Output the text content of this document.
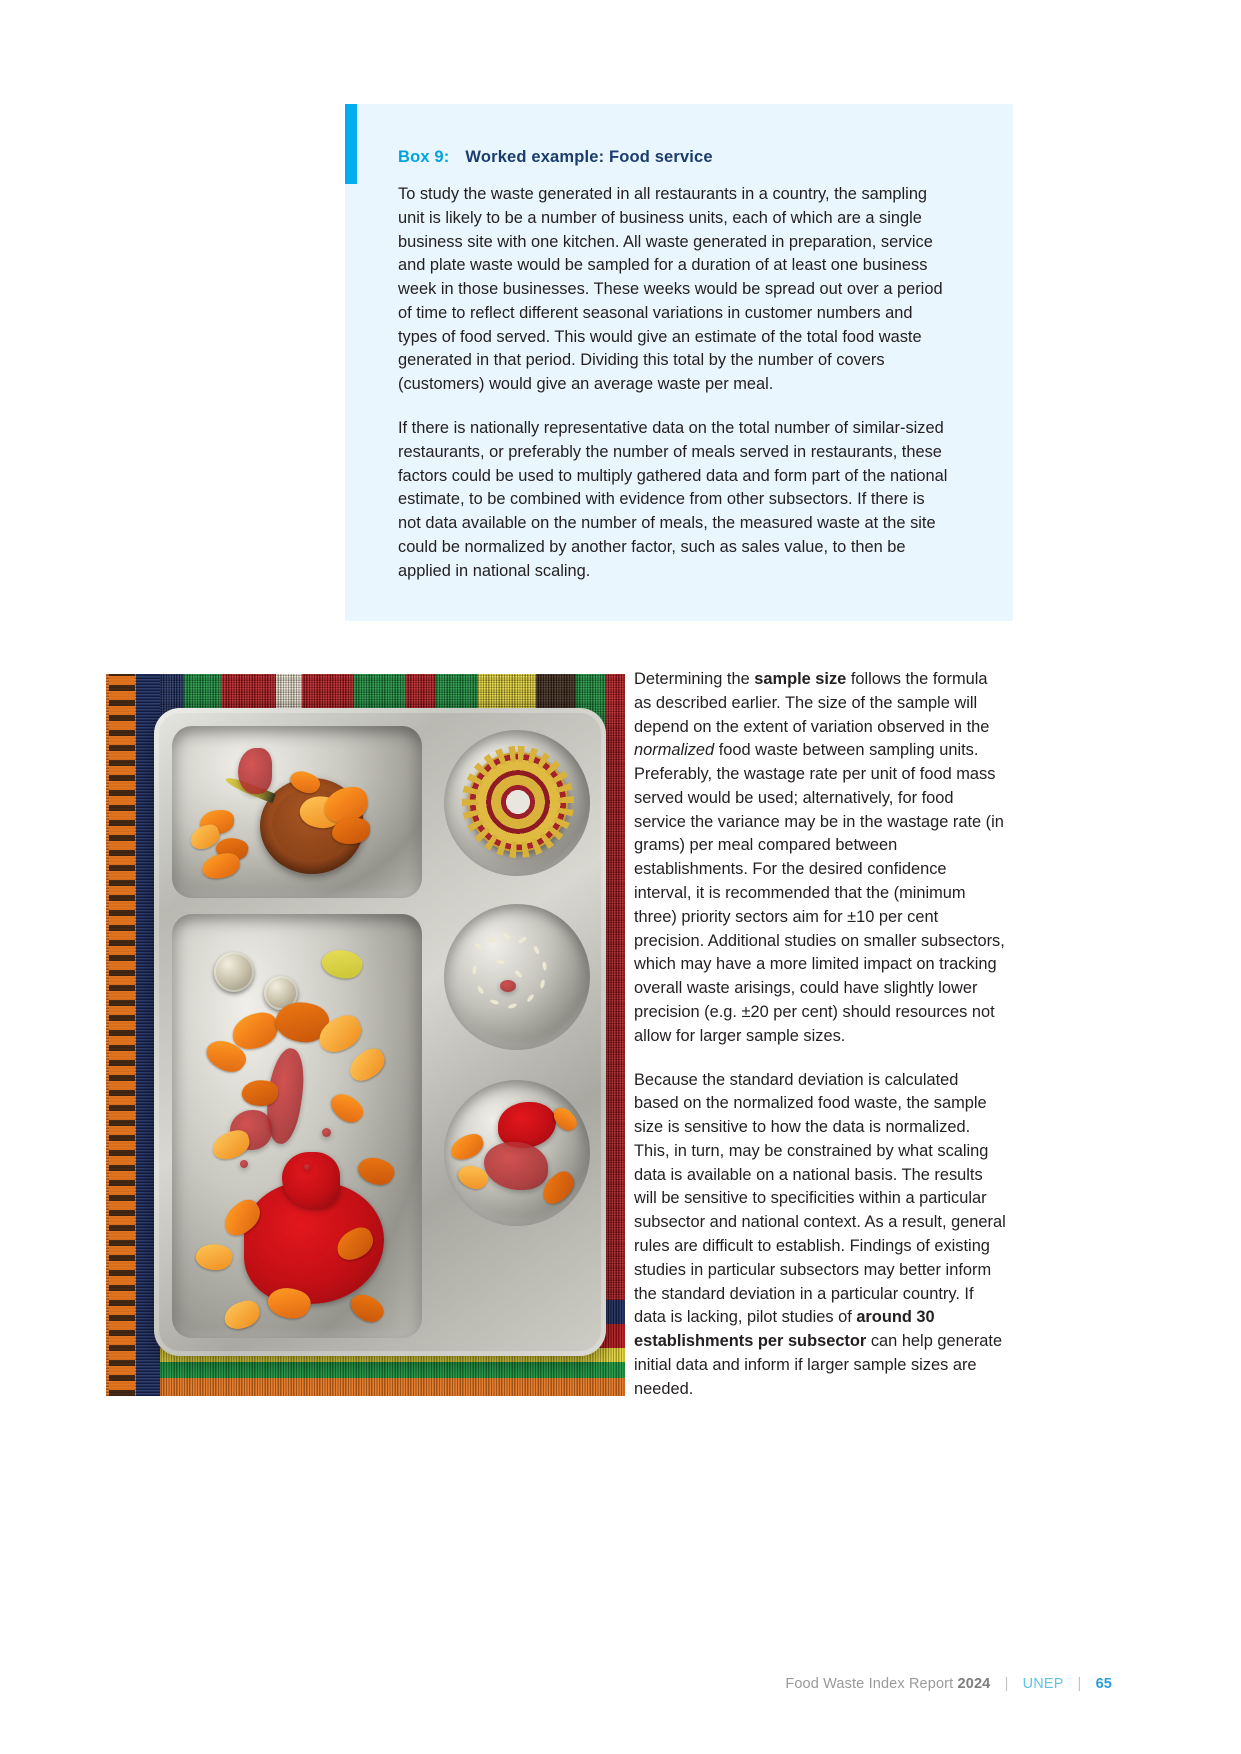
Box 9: Worked example: Food service

To study the waste generated in all restaurants in a country, the sampling unit is likely to be a number of business units, each of which are a single business site with one kitchen. All waste generated in preparation, service and plate waste would be sampled for a duration of at least one business week in those businesses. These weeks would be spread out over a period of time to reflect different seasonal variations in customer numbers and types of food served. This would give an estimate of the total food waste generated in that period. Dividing this total by the number of covers (customers) would give an average waste per meal.

If there is nationally representative data on the total number of similar-sized restaurants, or preferably the number of meals served in restaurants, these factors could be used to multiply gathered data and form part of the national estimate, to be combined with evidence from other subsectors. If there is not data available on the number of meals, the measured waste at the site could be normalized by another factor, such as sales value, to then be applied in national scaling.

Determining the sample size follows the formula as described earlier. The size of the sample will depend on the extent of variation observed in the normalized food waste between sampling units. Preferably, the wastage rate per unit of food mass served would be used; alternatively, for food service the variance may be in the wastage rate (in grams) per meal compared between establishments. For the desired confidence interval, it is recommended that the (minimum three) priority sectors aim for ±10 per cent precision. Additional studies on smaller subsectors, which may have a more limited impact on tracking overall waste arisings, could have slightly lower precision (e.g. ±20 per cent) should resources not allow for larger sample sizes.

Because the standard deviation is calculated based on the normalized food waste, the sample size is sensitive to how the data is normalized. This, in turn, may be constrained by what scaling data is available on a national basis. The results will be sensitive to specificities within a particular subsector and national context. As a result, general rules are difficult to establish. Findings of existing studies in particular subsectors may better inform the standard deviation in a particular country. If data is lacking, pilot studies of around 30 establishments per subsector can help generate initial data and inform if larger sample sizes are needed.

Food Waste Index Report 2024 | UNEP | 65
